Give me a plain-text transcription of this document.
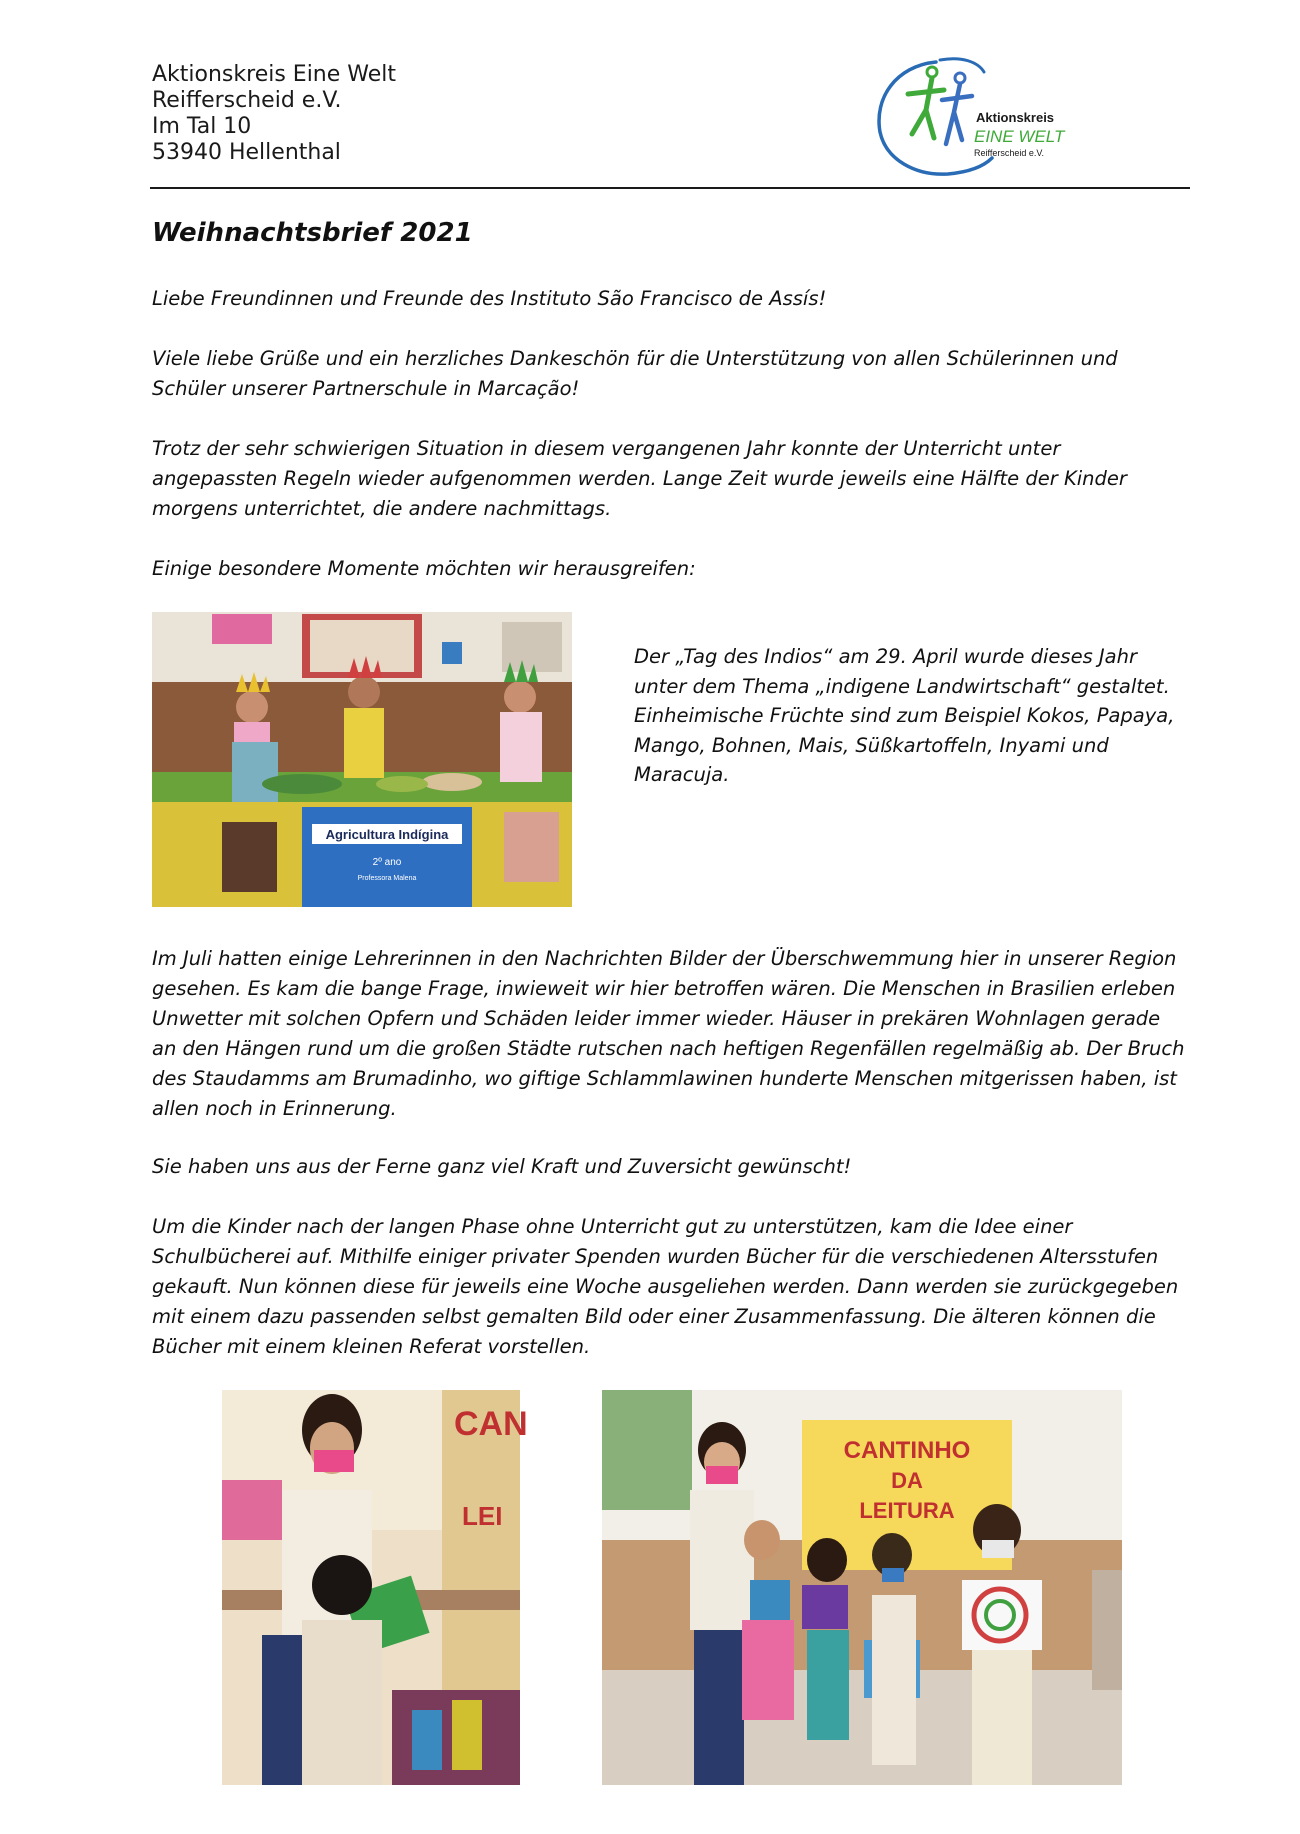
Aktionskreis Eine Welt
Reifferscheid e.V.
Im Tal 10
53940 Hellenthal
Aktionskreis
EINE WELT
Reifferscheid e.V.
Weihnachtsbrief 2021
Liebe Freundinnen und Freunde des Instituto São Francisco de Assís!
Viele liebe Grüße und ein herzliches Dankeschön für die Unterstützung von allen Schülerinnen und
Schüler unserer Partnerschule in Marcação!
Trotz der sehr schwierigen Situation in diesem vergangenen Jahr konnte der Unterricht unter
angepassten Regeln wieder aufgenommen werden. Lange Zeit wurde jeweils eine Hälfte der Kinder
morgens unterrichtet, die andere nachmittags.
Einige besondere Momente möchten wir herausgreifen:
Agricultura Indígina
2º ano
Professora Malena
Der „Tag des Indios“ am 29. April wurde dieses Jahr
unter dem Thema „indigene Landwirtschaft“ gestaltet.
Einheimische Früchte sind zum Beispiel Kokos, Papaya,
Mango, Bohnen, Mais, Süßkartoffeln, Inyami und
Maracuja.
Im Juli hatten einige Lehrerinnen in den Nachrichten Bilder der Überschwemmung hier in unserer Region
gesehen. Es kam die bange Frage, inwieweit wir hier betroffen wären. Die Menschen in Brasilien erleben
Unwetter mit solchen Opfern und Schäden leider immer wieder. Häuser in prekären Wohnlagen gerade
an den Hängen rund um die großen Städte rutschen nach heftigen Regenfällen regelmäßig ab. Der Bruch
des Staudamms am Brumadinho, wo giftige Schlammlawinen hunderte Menschen mitgerissen haben, ist
allen noch in Erinnerung.
Sie haben uns aus der Ferne ganz viel Kraft und Zuversicht gewünscht!
Um die Kinder nach der langen Phase ohne Unterricht gut zu unterstützen, kam die Idee einer
Schulbücherei auf. Mithilfe einiger privater Spenden wurden Bücher für die verschiedenen Altersstufen
gekauft. Nun können diese für jeweils eine Woche ausgeliehen werden. Dann werden sie zurückgegeben
mit einem dazu passenden selbst gemalten Bild oder einer Zusammenfassung. Die älteren können die
Bücher mit einem kleinen Referat vorstellen.
CAN
LEI
CANTINHO
DA
LEITURA
